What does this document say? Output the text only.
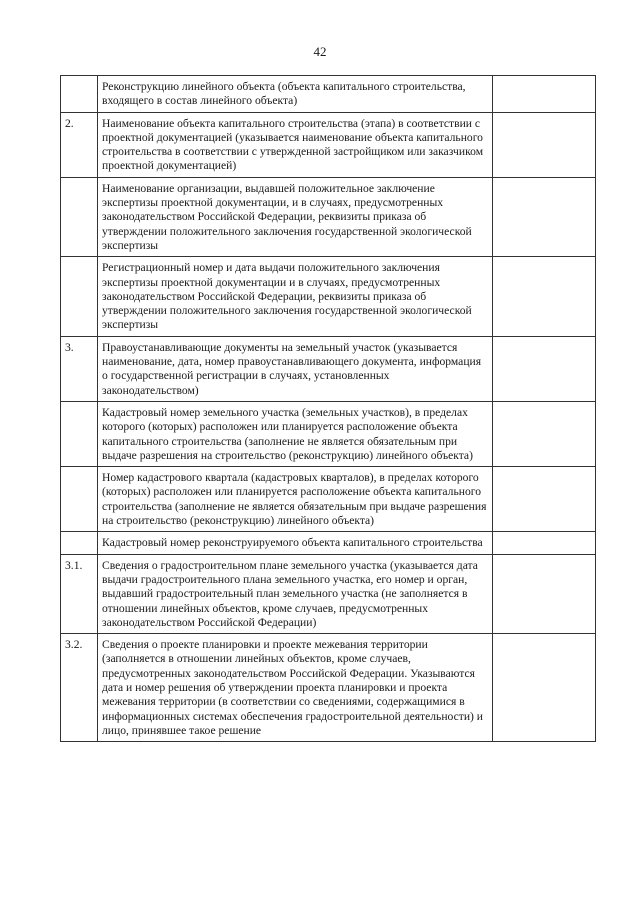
42
	Реконструкцию линейного объекта (объекта капитального строительства, входящего в состав линейного объекта)	
2.	Наименование объекта капитального строительства (этапа) в соответствии с проектной документацией (указывается наименование объекта капитального строительства в соответствии с утвержденной застройщиком или заказчиком проектной документацией)	
	Наименование организации, выдавшей положительное заключение экспертизы проектной документации, и в случаях, предусмотренных законодательством Российской Федерации, реквизиты приказа об утверждении положительного заключения государственной экологической экспертизы	
	Регистрационный номер и дата выдачи положительного заключения экспертизы проектной документации и в случаях, предусмотренных законодательством Российской Федерации, реквизиты приказа об утверждении положительного заключения государственной экологической экспертизы	
3.	Правоустанавливающие документы на земельный участок (указывается наименование, дата, номер правоустанавливающего документа, информация о государственной регистрации в случаях, установленных законодательством)	
	Кадастровый номер земельного участка (земельных участков), в пределах которого (которых) расположен или планируется расположение объекта капитального строительства (заполнение не является обязательным при выдаче разрешения на строительство (реконструкцию) линейного объекта)	
	Номер кадастрового квартала (кадастровых кварталов), в пределах которого (которых) расположен или планируется расположение объекта капитального строительства (заполнение не является обязательным при выдаче разрешения на строительство (реконструкцию) линейного объекта)	
	Кадастровый номер реконструируемого объекта капитального строительства	
3.1.	Сведения о градостроительном плане земельного участка (указывается дата выдачи градостроительного плана земельного участка, его номер и орган, выдавший градостроительный план земельного участка (не заполняется в отношении линейных объектов, кроме случаев, предусмотренных законодательством Российской Федерации)	
3.2.	Сведения о проекте планировки и проекте межевания территории (заполняется в отношении линейных объектов, кроме случаев, предусмотренных законодательством Российской Федерации. Указываются дата и номер решения об утверждении проекта планировки и проекта межевания территории (в соответствии со сведениями, содержащимися в информационных системах обеспечения градостроительной деятельности) и лицо, принявшее такое решение	
